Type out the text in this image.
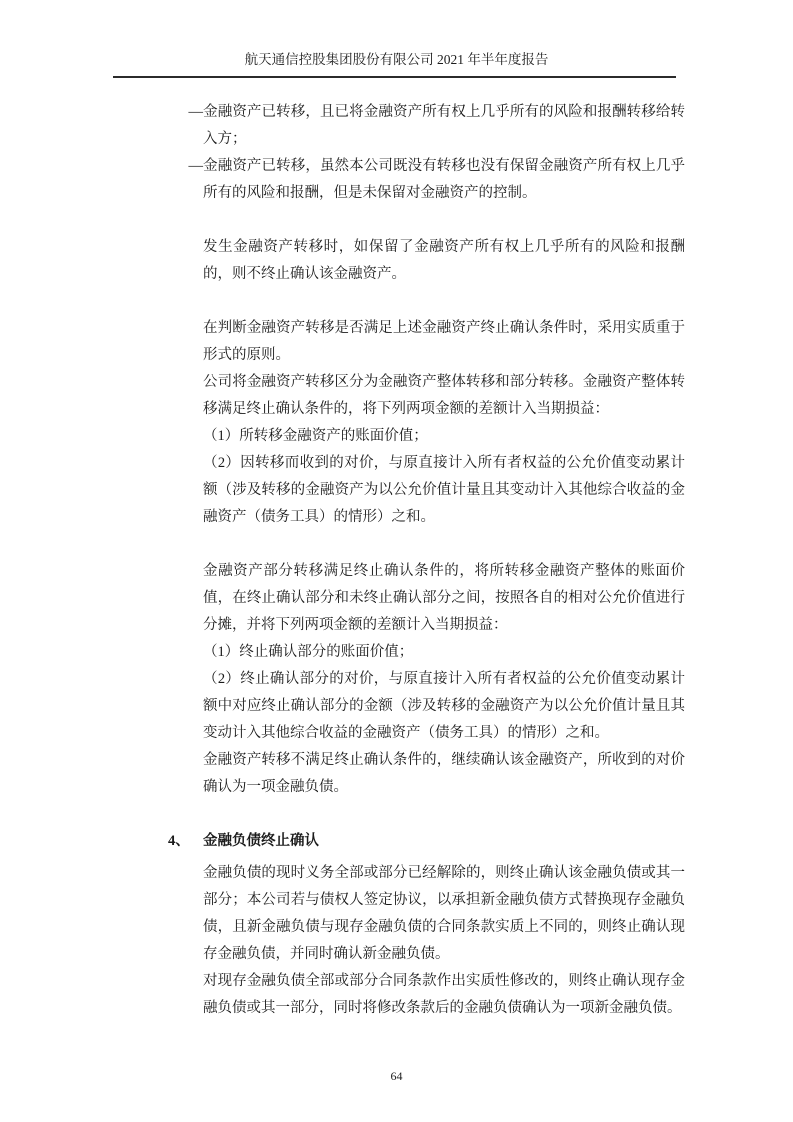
航天通信控股集团股份有限公司 2021 年半年度报告

—金融资产已转移，且已将金融资产所有权上几乎所有的风险和报酬转移给转入方；

—金融资产已转移，虽然本公司既没有转移也没有保留金融资产所有权上几乎所有的风险和报酬，但是未保留对金融资产的控制。

发生金融资产转移时，如保留了金融资产所有权上几乎所有的风险和报酬的，则不终止确认该金融资产。

在判断金融资产转移是否满足上述金融资产终止确认条件时，采用实质重于形式的原则。

公司将金融资产转移区分为金融资产整体转移和部分转移。金融资产整体转移满足终止确认条件的，将下列两项金额的差额计入当期损益：

（1）所转移金融资产的账面价值；

（2）因转移而收到的对价，与原直接计入所有者权益的公允价值变动累计额（涉及转移的金融资产为以公允价值计量且其变动计入其他综合收益的金融资产（债务工具）的情形）之和。

金融资产部分转移满足终止确认条件的，将所转移金融资产整体的账面价值，在终止确认部分和未终止确认部分之间，按照各自的相对公允价值进行分摊，并将下列两项金额的差额计入当期损益：

（1）终止确认部分的账面价值；

（2）终止确认部分的对价，与原直接计入所有者权益的公允价值变动累计额中对应终止确认部分的金额（涉及转移的金融资产为以公允价值计量且其变动计入其他综合收益的金融资产（债务工具）的情形）之和。

金融资产转移不满足终止确认条件的，继续确认该金融资产，所收到的对价确认为一项金融负债。

4、 金融负债终止确认

金融负债的现时义务全部或部分已经解除的，则终止确认该金融负债或其一部分；本公司若与债权人签定协议，以承担新金融负债方式替换现存金融负债，且新金融负债与现存金融负债的合同条款实质上不同的，则终止确认现存金融负债，并同时确认新金融负债。

对现存金融负债全部或部分合同条款作出实质性修改的，则终止确认现存金融负债或其一部分，同时将修改条款后的金融负债确认为一项新金融负债。

64
